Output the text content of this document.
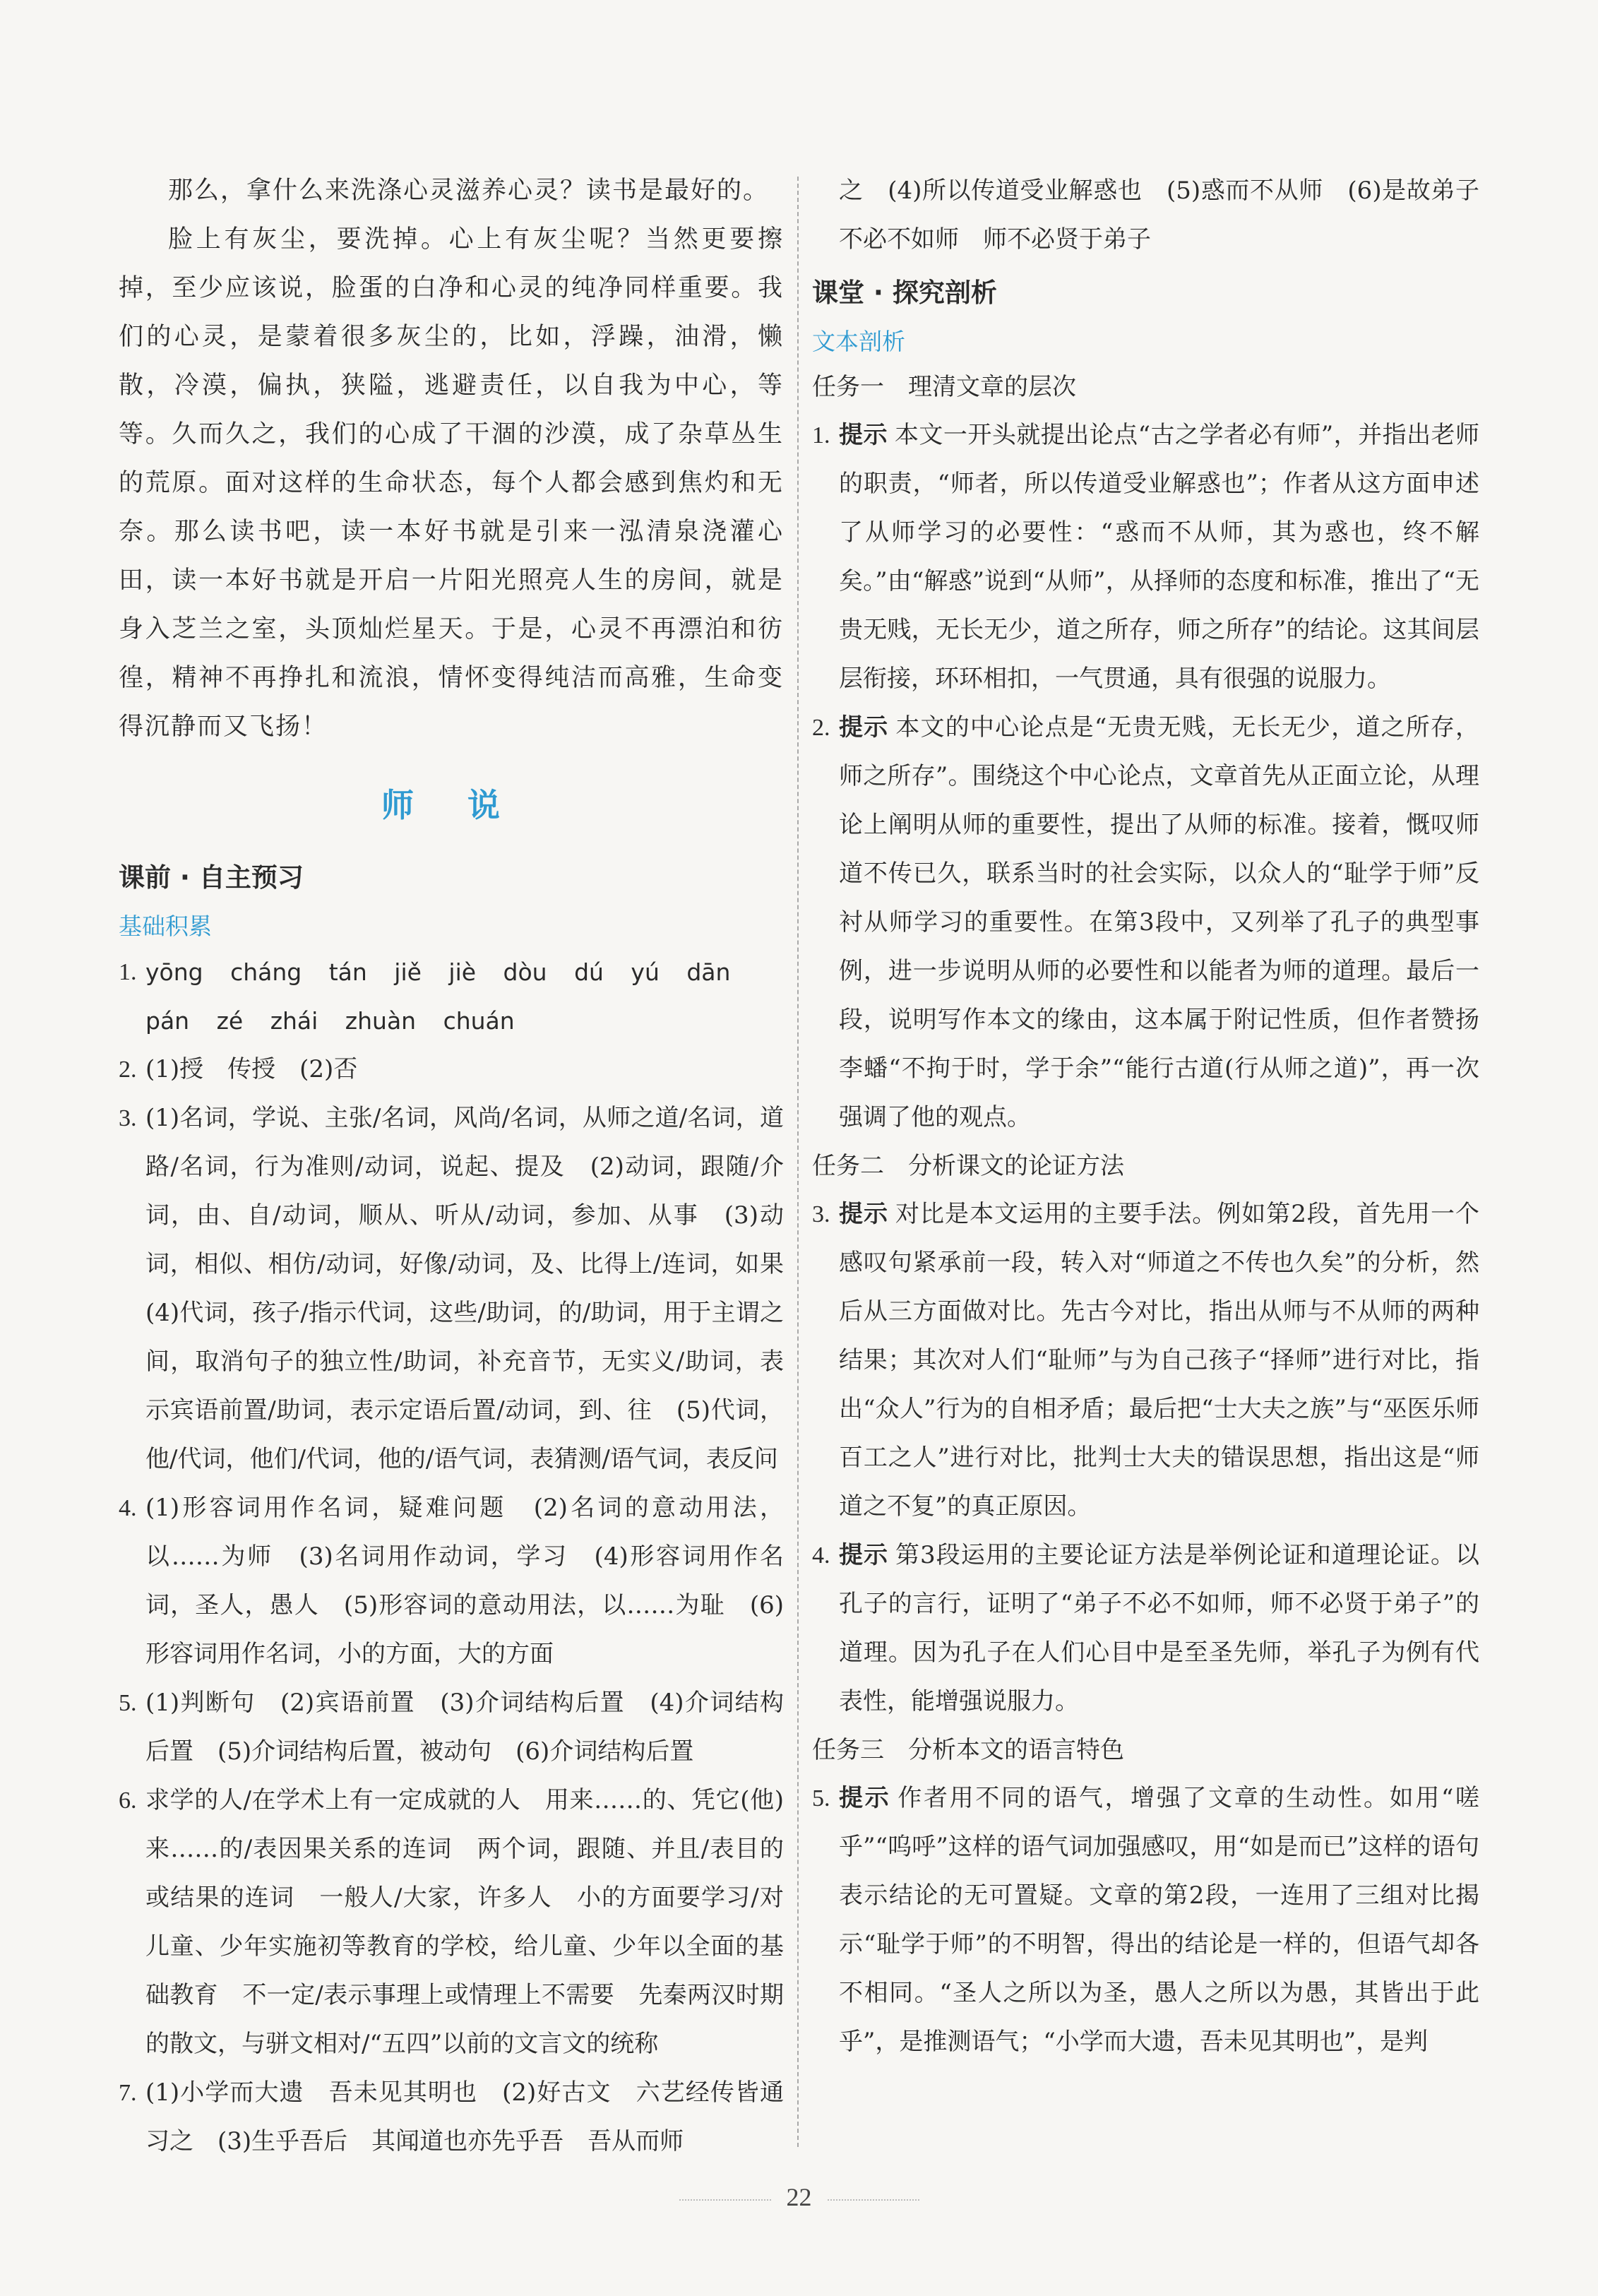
那么，拿什么来洗涤心灵滋养心灵？读书是最好的。

脸上有灰尘，要洗掉。心上有灰尘呢？当然更要擦掉，至少应该说，脸蛋的白净和心灵的纯净同样重要。我们的心灵，是蒙着很多灰尘的，比如，浮躁，油滑，懒散，冷漠，偏执，狭隘，逃避责任，以自我为中心，等等。久而久之，我们的心成了干涸的沙漠，成了杂草丛生的荒原。面对这样的生命状态，每个人都会感到焦灼和无奈。那么读书吧，读一本好书就是引来一泓清泉浇灌心田，读一本好书就是开启一片阳光照亮人生的房间，就是身入芝兰之室，头顶灿烂星天。于是，心灵不再漂泊和彷徨，精神不再挣扎和流浪，情怀变得纯洁而高雅，生命变得沉静而又飞扬！

师 说
课前 · 自主预习

基础积累

1. yōng cháng tán jiě jiè dòu dú yú dān
pán zé zhái zhuàn chuán
2. (1)授　传授　(2)否
3. (1)名词，学说、主张/名词，风尚/名词，从师之道/名词，道路/名词，行为准则/动词，说起、提及　(2)动词，跟随/介词，由、自/动词，顺从、听从/动词，参加、从事　(3)动词，相似、相仿/动词，好像/动词，及、比得上/连词，如果　(4)代词，孩子/指示代词，这些/助词，的/助词，用于主谓之间，取消句子的独立性/助词，补充音节，无实义/助词，表示宾语前置/助词，表示定语后置/动词，到、往　(5)代词，他/代词，他们/代词，他的/语气词，表猜测/语气词，表反问
4. (1)形容词用作名词，疑难问题　(2)名词的意动用法，以……为师　(3)名词用作动词，学习　(4)形容词用作名词，圣人，愚人　(5)形容词的意动用法，以……为耻　(6)形容词用作名词，小的方面，大的方面
5. (1)判断句　(2)宾语前置　(3)介词结构后置　(4)介词结构后置　(5)介词结构后置，被动句　(6)介词结构后置
6. 求学的人/在学术上有一定成就的人　用来……的、凭它(他)来……的/表因果关系的连词　两个词，跟随、并且/表目的或结果的连词　一般人/大家，许多人　小的方面要学习/对儿童、少年实施初等教育的学校，给儿童、少年以全面的基础教育　不一定/表示事理上或情理上不需要　先秦两汉时期的散文，与骈文相对/“五四”以前的文言文的统称
7. (1)小学而大遗　吾未见其明也　(2)好古文　六艺经传皆通习之　(3)生乎吾后　其闻道也亦先乎吾　吾从而师
之　(4)所以传道受业解惑也　(5)惑而不从师　(6)是故弟子不必不如师　师不必贤于弟子
课堂 · 探究剖析

文本剖析

任务一　理清文章的层次

1. 提示 本文一开头就提出论点“古之学者必有师”，并指出老师的职责，“师者，所以传道受业解惑也”；作者从这方面申述了从师学习的必要性：“惑而不从师，其为惑也，终不解矣。”由“解惑”说到“从师”，从择师的态度和标准，推出了“无贵无贱，无长无少，道之所存，师之所存”的结论。这其间层层衔接，环环相扣，一气贯通，具有很强的说服力。
2. 提示 本文的中心论点是“无贵无贱，无长无少，道之所存，师之所存”。围绕这个中心论点，文章首先从正面立论，从理论上阐明从师的重要性，提出了从师的标准。接着，慨叹师道不传已久，联系当时的社会实际，以众人的“耻学于师”反衬从师学习的重要性。在第3段中，又列举了孔子的典型事例，进一步说明从师的必要性和以能者为师的道理。最后一段，说明写作本文的缘由，这本属于附记性质，但作者赞扬李蟠“不拘于时，学于余”“能行古道(行从师之道)”，再一次强调了他的观点。

任务二　分析课文的论证方法

3. 提示 对比是本文运用的主要手法。例如第2段，首先用一个感叹句紧承前一段，转入对“师道之不传也久矣”的分析，然后从三方面做对比。先古今对比，指出从师与不从师的两种结果；其次对人们“耻师”与为自己孩子“择师”进行对比，指出“众人”行为的自相矛盾；最后把“士大夫之族”与“巫医乐师百工之人”进行对比，批判士大夫的错误思想，指出这是“师道之不复”的真正原因。
4. 提示 第3段运用的主要论证方法是举例论证和道理论证。以孔子的言行，证明了“弟子不必不如师，师不必贤于弟子”的道理。因为孔子在人们心目中是至圣先师，举孔子为例有代表性，能增强说服力。

任务三　分析本文的语言特色

5. 提示 作者用不同的语气，增强了文章的生动性。如用“嗟乎”“呜呼”这样的语气词加强感叹，用“如是而已”这样的语句表示结论的无可置疑。文章的第2段，一连用了三组对比揭示“耻学于师”的不明智，得出的结论是一样的，但语气却各不相同。“圣人之所以为圣，愚人之所以为愚，其皆出于此乎”，是推测语气；“小学而大遗，吾未见其明也”，是判
22
